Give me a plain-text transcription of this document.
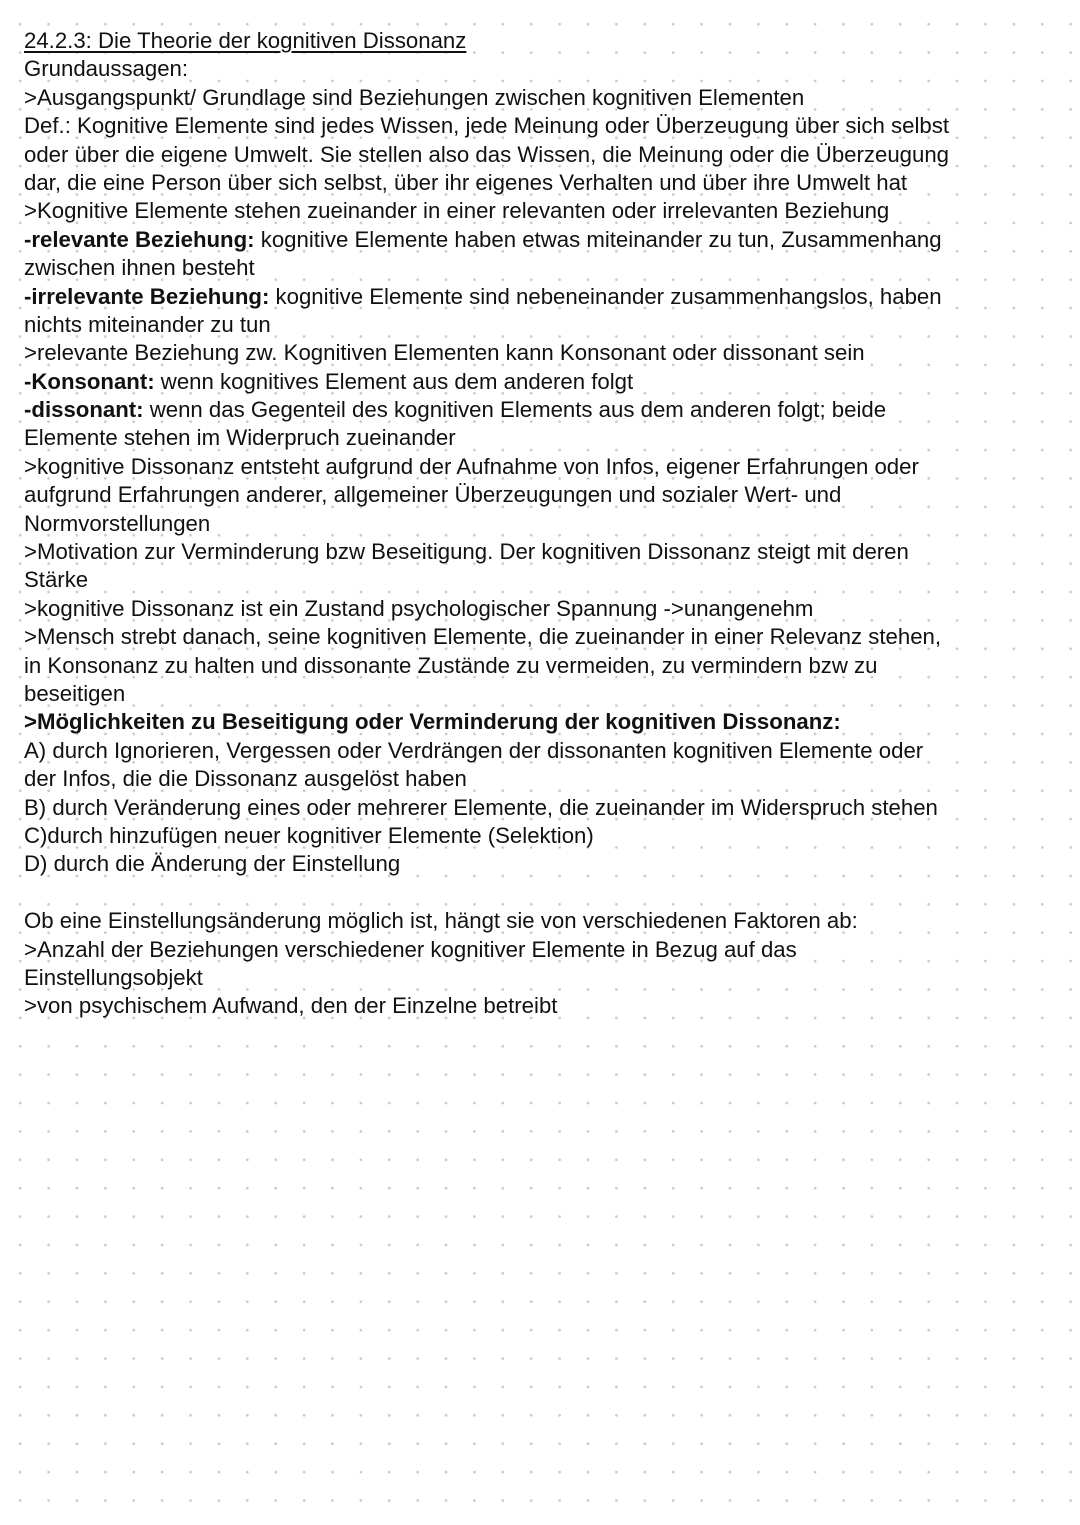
24.2.3: Die Theorie der kognitiven Dissonanz

Grundaussagen:

>Ausgangspunkt/ Grundlage sind Beziehungen zwischen kognitiven Elementen

Def.: Kognitive Elemente sind jedes Wissen, jede Meinung oder Überzeugung über sich selbst

oder über die eigene Umwelt. Sie stellen also das Wissen, die Meinung oder die Überzeugung

dar, die eine Person über sich selbst, über ihr eigenes Verhalten und über ihre Umwelt hat

>Kognitive Elemente stehen zueinander in einer relevanten oder irrelevanten Beziehung

-relevante Beziehung: kognitive Elemente haben etwas miteinander zu tun, Zusammenhang

zwischen ihnen besteht

-irrelevante Beziehung: kognitive Elemente sind nebeneinander zusammenhangslos, haben

nichts miteinander zu tun

>relevante Beziehung zw. Kognitiven Elementen kann Konsonant oder dissonant sein

-Konsonant: wenn kognitives Element aus dem anderen folgt

-dissonant: wenn das Gegenteil des kognitiven Elements aus dem anderen folgt; beide

Elemente stehen im Widerpruch zueinander

>kognitive Dissonanz entsteht aufgrund der Aufnahme von Infos, eigener Erfahrungen oder

aufgrund Erfahrungen anderer, allgemeiner Überzeugungen und sozialer Wert- und

Normvorstellungen

>Motivation zur Verminderung bzw Beseitigung. Der kognitiven Dissonanz steigt mit deren

Stärke

>kognitive Dissonanz ist ein Zustand psychologischer Spannung ->unangenehm

>Mensch strebt danach, seine kognitiven Elemente, die zueinander in einer Relevanz stehen,

in Konsonanz zu halten und dissonante Zustände zu vermeiden, zu vermindern bzw zu

beseitigen

>Möglichkeiten zu Beseitigung oder Verminderung der kognitiven Dissonanz:

A) durch Ignorieren, Vergessen oder Verdrängen der dissonanten kognitiven Elemente oder

der Infos, die die Dissonanz ausgelöst haben

B) durch Veränderung eines oder mehrerer Elemente, die zueinander im Widerspruch stehen

C)durch hinzufügen neuer kognitiver Elemente (Selektion)

D) durch die Änderung der Einstellung

Ob eine Einstellungsänderung möglich ist, hängt sie von verschiedenen Faktoren ab:

>Anzahl der Beziehungen verschiedener kognitiver Elemente in Bezug auf das

Einstellungsobjekt

>von psychischem Aufwand, den der Einzelne betreibt
